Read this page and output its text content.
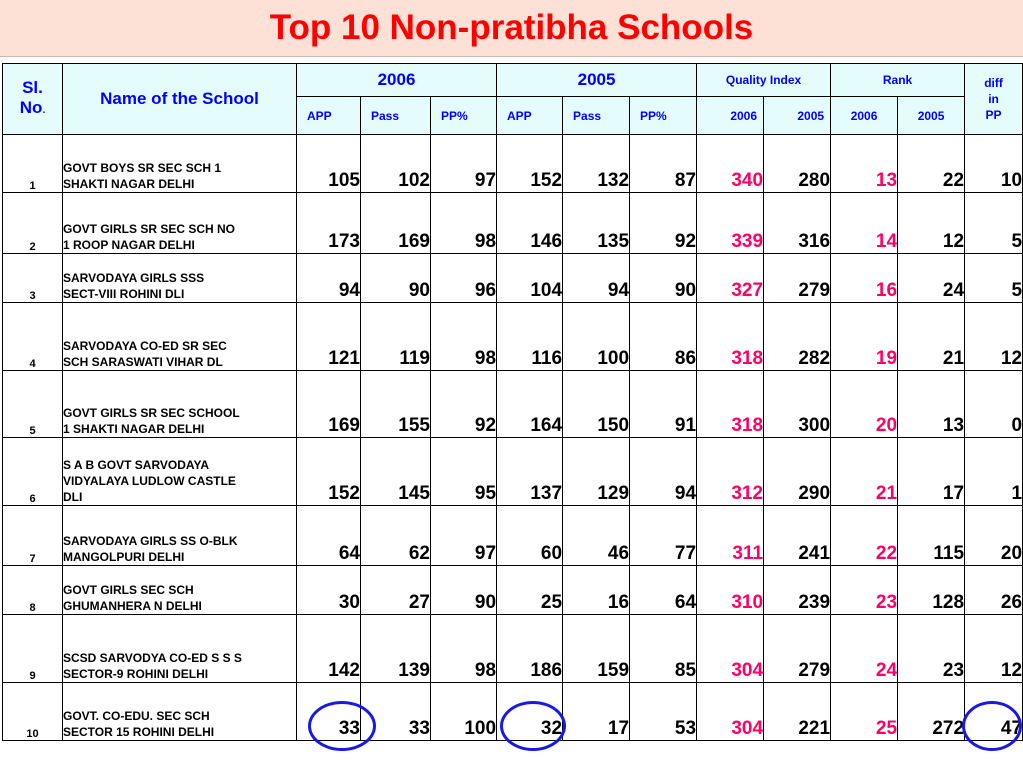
Top 10 Non-pratibha Schools
Sl.
No.	Name of the School	2006			2005			Quality Index		Rank		diff
in
PP
		APP	Pass	PP%	APP	Pass	PP%	2006	2005	2006	2005	
1	GOVT BOYS SR SEC SCH 1
SHAKTI NAGAR DELHI	105	102	97	152	132	87	340	280	13	22	10
2	GOVT GIRLS SR SEC SCH NO
1 ROOP NAGAR DELHI	173	169	98	146	135	92	339	316	14	12	5
3	SARVODAYA GIRLS SSS
SECT-VIII ROHINI DLI	94	90	96	104	94	90	327	279	16	24	5
4	SARVODAYA CO-ED SR SEC
SCH SARASWATI VIHAR DL	121	119	98	116	100	86	318	282	19	21	12
5	GOVT GIRLS SR SEC SCHOOL
1 SHAKTI NAGAR DELHI	169	155	92	164	150	91	318	300	20	13	0
6	S A B GOVT SARVODAYA
VIDYALAYA LUDLOW CASTLE
DLI	152	145	95	137	129	94	312	290	21	17	1
7	SARVODAYA GIRLS SS O-BLK
MANGOLPURI DELHI	64	62	97	60	46	77	311	241	22	115	20
8	GOVT GIRLS SEC SCH
GHUMANHERA N DELHI	30	27	90	25	16	64	310	239	23	128	26
9	SCSD SARVODYA CO-ED S S S
SECTOR-9 ROHINI DELHI	142	139	98	186	159	85	304	279	24	23	12
10	GOVT. CO-EDU. SEC SCH
SECTOR 15 ROHINI DELHI	33	33	100	32	17	53	304	221	25	272	47
